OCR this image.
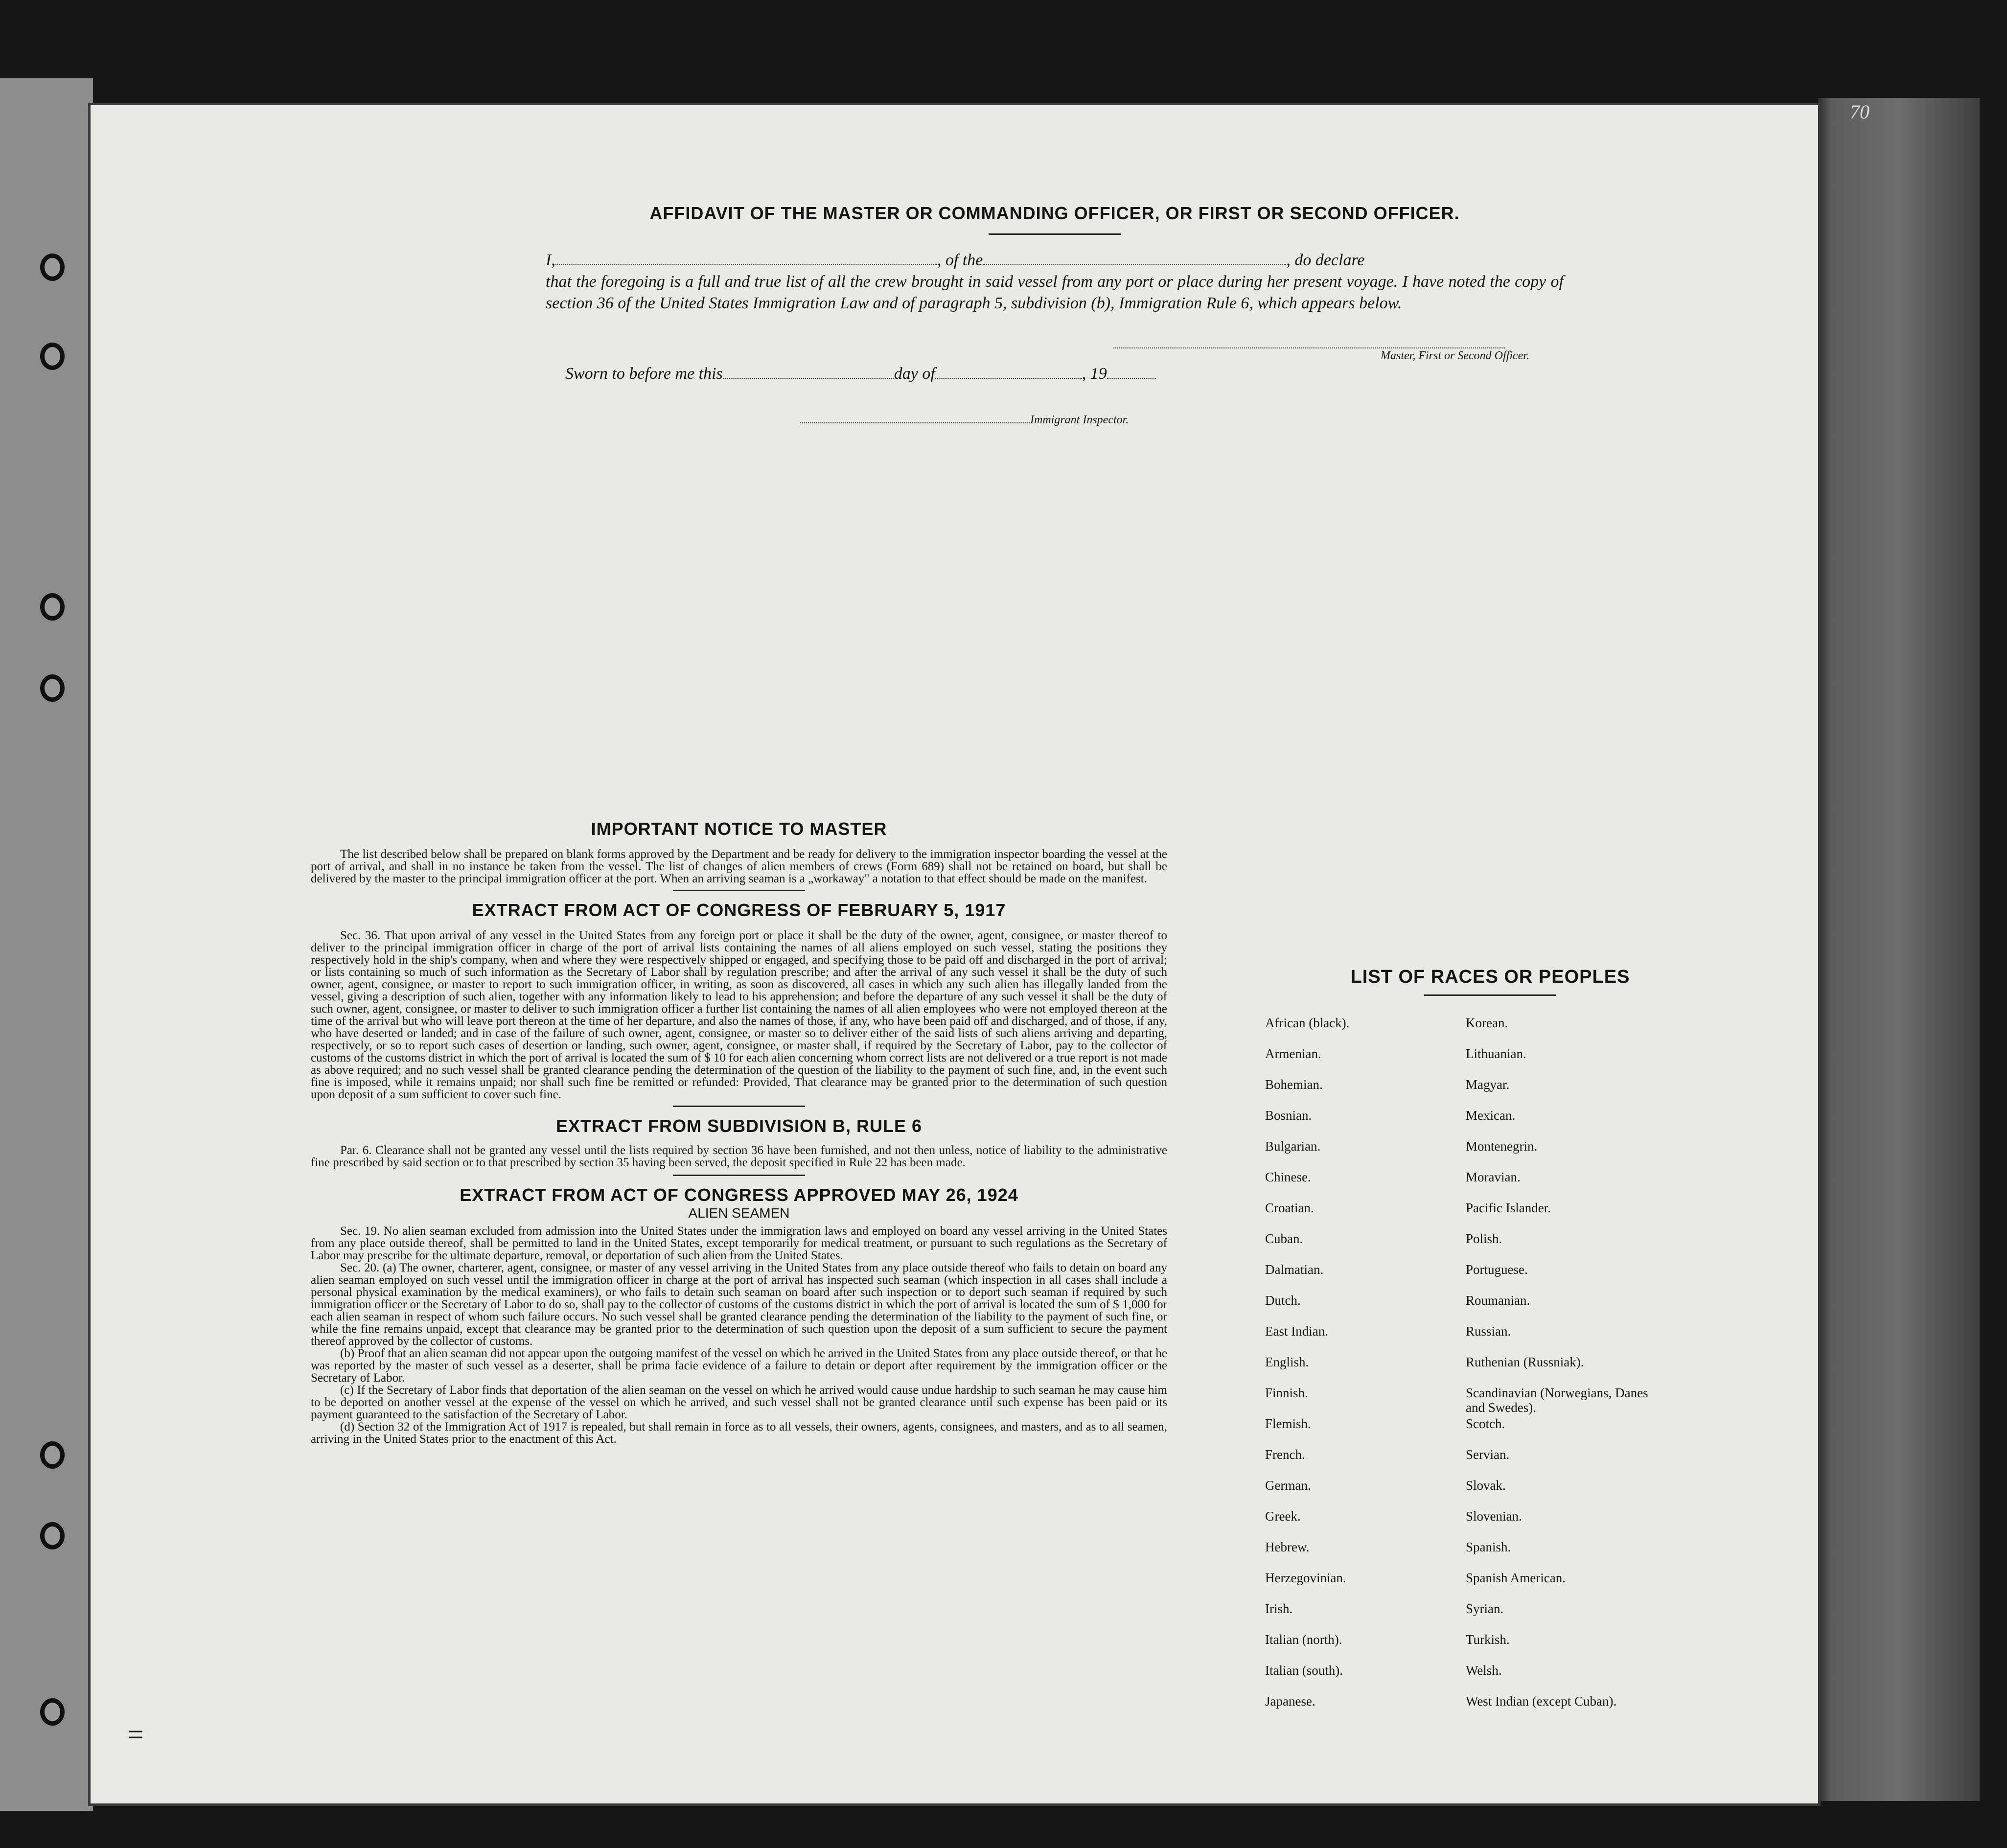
70
AFFIDAVIT OF THE MASTER OR COMMANDING OFFICER, OR FIRST OR SECOND OFFICER.
I,	, of the	, do declare
that the foregoing is a full and true list of all the crew brought in said vessel from any port or place during her present voyage. I have noted the copy of section 36 of the United States Immigration Law and of paragraph 5, subdivision (b), Immigration Rule 6, which appears below.
Master, First or Second Officer.
Sworn to before me this	day of	, 19
Immigrant Inspector.
IMPORTANT NOTICE TO MASTER
The list described below shall be prepared on blank forms approved by the Department and be ready for delivery to the immigration inspector boarding the vessel at the port of arrival, and shall in no instance be taken from the vessel. The list of changes of alien members of crews (Form 689) shall not be retained on board, but shall be delivered by the master to the principal immigration officer at the port. When an arriving seaman is a „workaway" a notation to that effect should be made on the manifest.
EXTRACT FROM ACT OF CONGRESS OF FEBRUARY 5, 1917
Sec. 36. That upon arrival of any vessel in the United States from any foreign port or place it shall be the duty of the owner, agent, consignee, or master thereof to deliver to the principal immigration officer in charge of the port of arrival lists containing the names of all aliens employed on such vessel, stating the positions they respectively hold in the ship's company, when and where they were respectively shipped or engaged, and specifying those to be paid off and discharged in the port of arrival; or lists containing so much of such information as the Secretary of Labor shall by regulation prescribe; and after the arrival of any such vessel it shall be the duty of such owner, agent, consignee, or master to report to such immigration officer, in writing, as soon as discovered, all cases in which any such alien has illegally landed from the vessel, giving a description of such alien, together with any information likely to lead to his apprehension; and before the departure of any such vessel it shall be the duty of such owner, agent, consignee, or master to deliver to such immigration officer a further list containing the names of all alien employees who were not employed thereon at the time of the arrival but who will leave port thereon at the time of her departure, and also the names of those, if any, who have been paid off and discharged, and of those, if any, who have deserted or landed; and in case of the failure of such owner, agent, consignee, or master so to deliver either of the said lists of such aliens arriving and departing, respectively, or so to report such cases of desertion or landing, such owner, agent, consignee, or master shall, if required by the Secretary of Labor, pay to the collector of customs of the customs district in which the port of arrival is located the sum of $ 10 for each alien concerning whom correct lists are not delivered or a true report is not made as above required; and no such vessel shall be granted clearance pending the determination of the question of the liability to the payment of such fine, and, in the event such fine is imposed, while it remains unpaid; nor shall such fine be remitted or refunded: Provided, That clearance may be granted prior to the determination of such question upon deposit of a sum sufficient to cover such fine.
EXTRACT FROM SUBDIVISION B, RULE 6
Par. 6. Clearance shall not be granted any vessel until the lists required by section 36 have been furnished, and not then unless, notice of liability to the administrative fine prescribed by said section or to that prescribed by section 35 having been served, the deposit specified in Rule 22 has been made.
EXTRACT FROM ACT OF CONGRESS APPROVED MAY 26, 1924
ALIEN SEAMEN
Sec. 19. No alien seaman excluded from admission into the United States under the immigration laws and employed on board any vessel arriving in the United States from any place outside thereof, shall be permitted to land in the United States, except temporarily for medical treatment, or pursuant to such regulations as the Secretary of Labor may prescribe for the ultimate departure, removal, or deportation of such alien from the United States.
Sec. 20. (a) The owner, charterer, agent, consignee, or master of any vessel arriving in the United States from any place outside thereof who fails to detain on board any alien seaman employed on such vessel until the immigration officer in charge at the port of arrival has inspected such seaman (which inspection in all cases shall include a personal physical examination by the medical examiners), or who fails to detain such seaman on board after such inspection or to deport such seaman if required by such immigration officer or the Secretary of Labor to do so, shall pay to the collector of customs of the customs district in which the port of arrival is located the sum of $ 1,000 for each alien seaman in respect of whom such failure occurs. No such vessel shall be granted clearance pending the determination of the liability to the payment of such fine, or while the fine remains unpaid, except that clearance may be granted prior to the determination of such question upon the deposit of a sum sufficient to secure the payment thereof approved by the collector of customs.
(b) Proof that an alien seaman did not appear upon the outgoing manifest of the vessel on which he arrived in the United States from any place outside thereof, or that he was reported by the master of such vessel as a deserter, shall be prima facie evidence of a failure to detain or deport after requirement by the immigration officer or the Secretary of Labor.
(c) If the Secretary of Labor finds that deportation of the alien seaman on the vessel on which he arrived would cause undue hardship to such seaman he may cause him to be deported on another vessel at the expense of the vessel on which he arrived, and such vessel shall not be granted clearance until such expense has been paid or its payment guaranteed to the satisfaction of the Secretary of Labor.
(d) Section 32 of the Immigration Act of 1917 is repealed, but shall remain in force as to all vessels, their owners, agents, consignees, and masters, and as to all seamen, arriving in the United States prior to the enactment of this Act.
LIST OF RACES OR PEOPLES
African (black).	Korean.
Armenian.	Lithuanian.
Bohemian.	Magyar.
Bosnian.	Mexican.
Bulgarian.	Montenegrin.
Chinese.	Moravian.
Croatian.	Pacific Islander.
Cuban.	Polish.
Dalmatian.	Portuguese.
Dutch.	Roumanian.
East Indian.	Russian.
English.	Ruthenian (Russniak).
Finnish.	Scandinavian (Norwegians, Danes and Swedes).
Flemish.	Scotch.
French.	Servian.
German.	Slovak.
Greek.	Slovenian.
Hebrew.	Spanish.
Herzegovinian.	Spanish American.
Irish.	Syrian.
Italian (north).	Turkish.
Italian (south).	Welsh.
Japanese.	West Indian (except Cuban).
=
